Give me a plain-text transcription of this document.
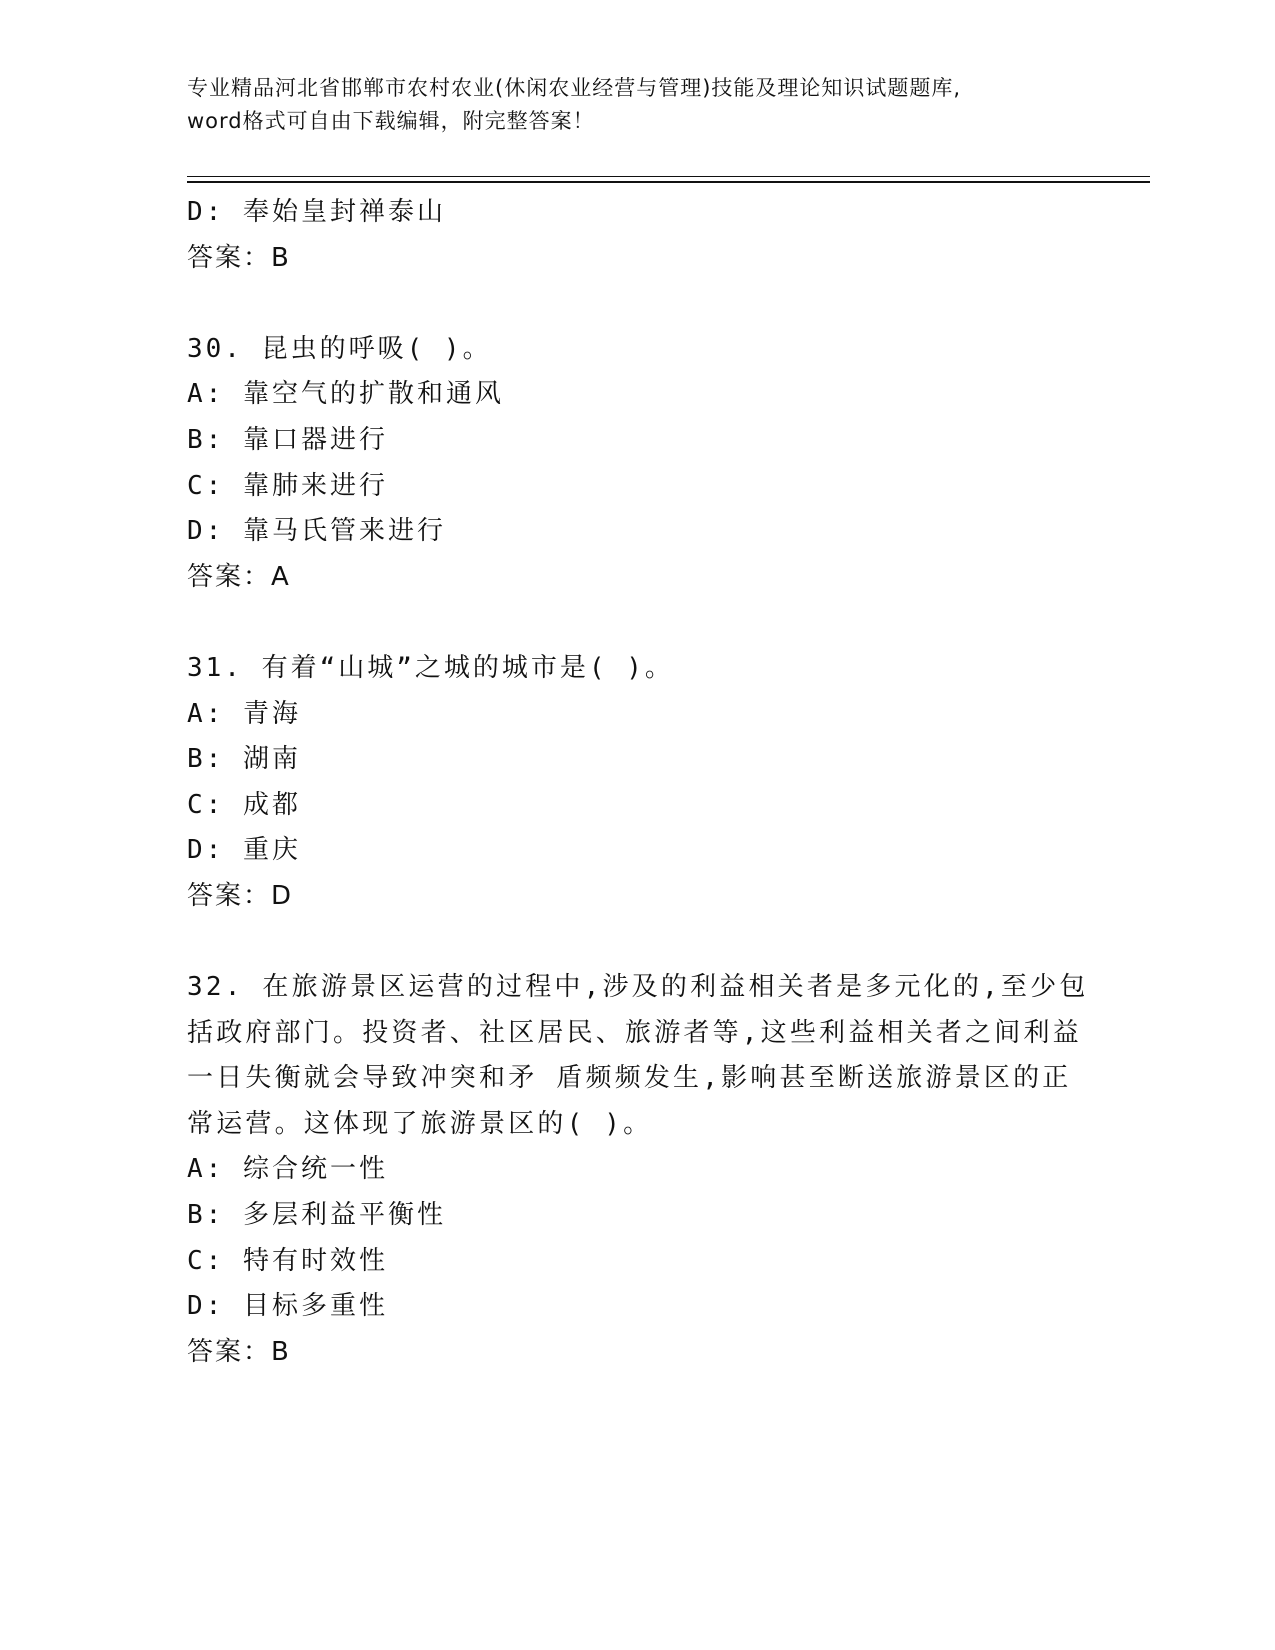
专业精品河北省邯郸市农村农业(休闲农业经营与管理)技能及理论知识试题题库,
word格式可自由下载编辑，附完整答案！
D: 奉始皇封禅泰山
答案：B
30. 昆虫的呼吸( )。
A: 靠空气的扩散和通风
B: 靠口器进行
C: 靠肺来进行
D: 靠马氏管来进行
答案：A
31. 有着“山城”之城的城市是( )。
A: 青海
B: 湖南
C: 成都
D: 重庆
答案：D
32. 在旅游景区运营的过程中,涉及的利益相关者是多元化的,至少包
括政府部门。投资者、社区居民、旅游者等,这些利益相关者之间利益
一日失衡就会导致冲突和矛 盾频频发生,影响甚至断送旅游景区的正
常运营。这体现了旅游景区的( )。
A: 综合统一性
B: 多层利益平衡性
C: 特有时效性
D: 目标多重性
答案：B
